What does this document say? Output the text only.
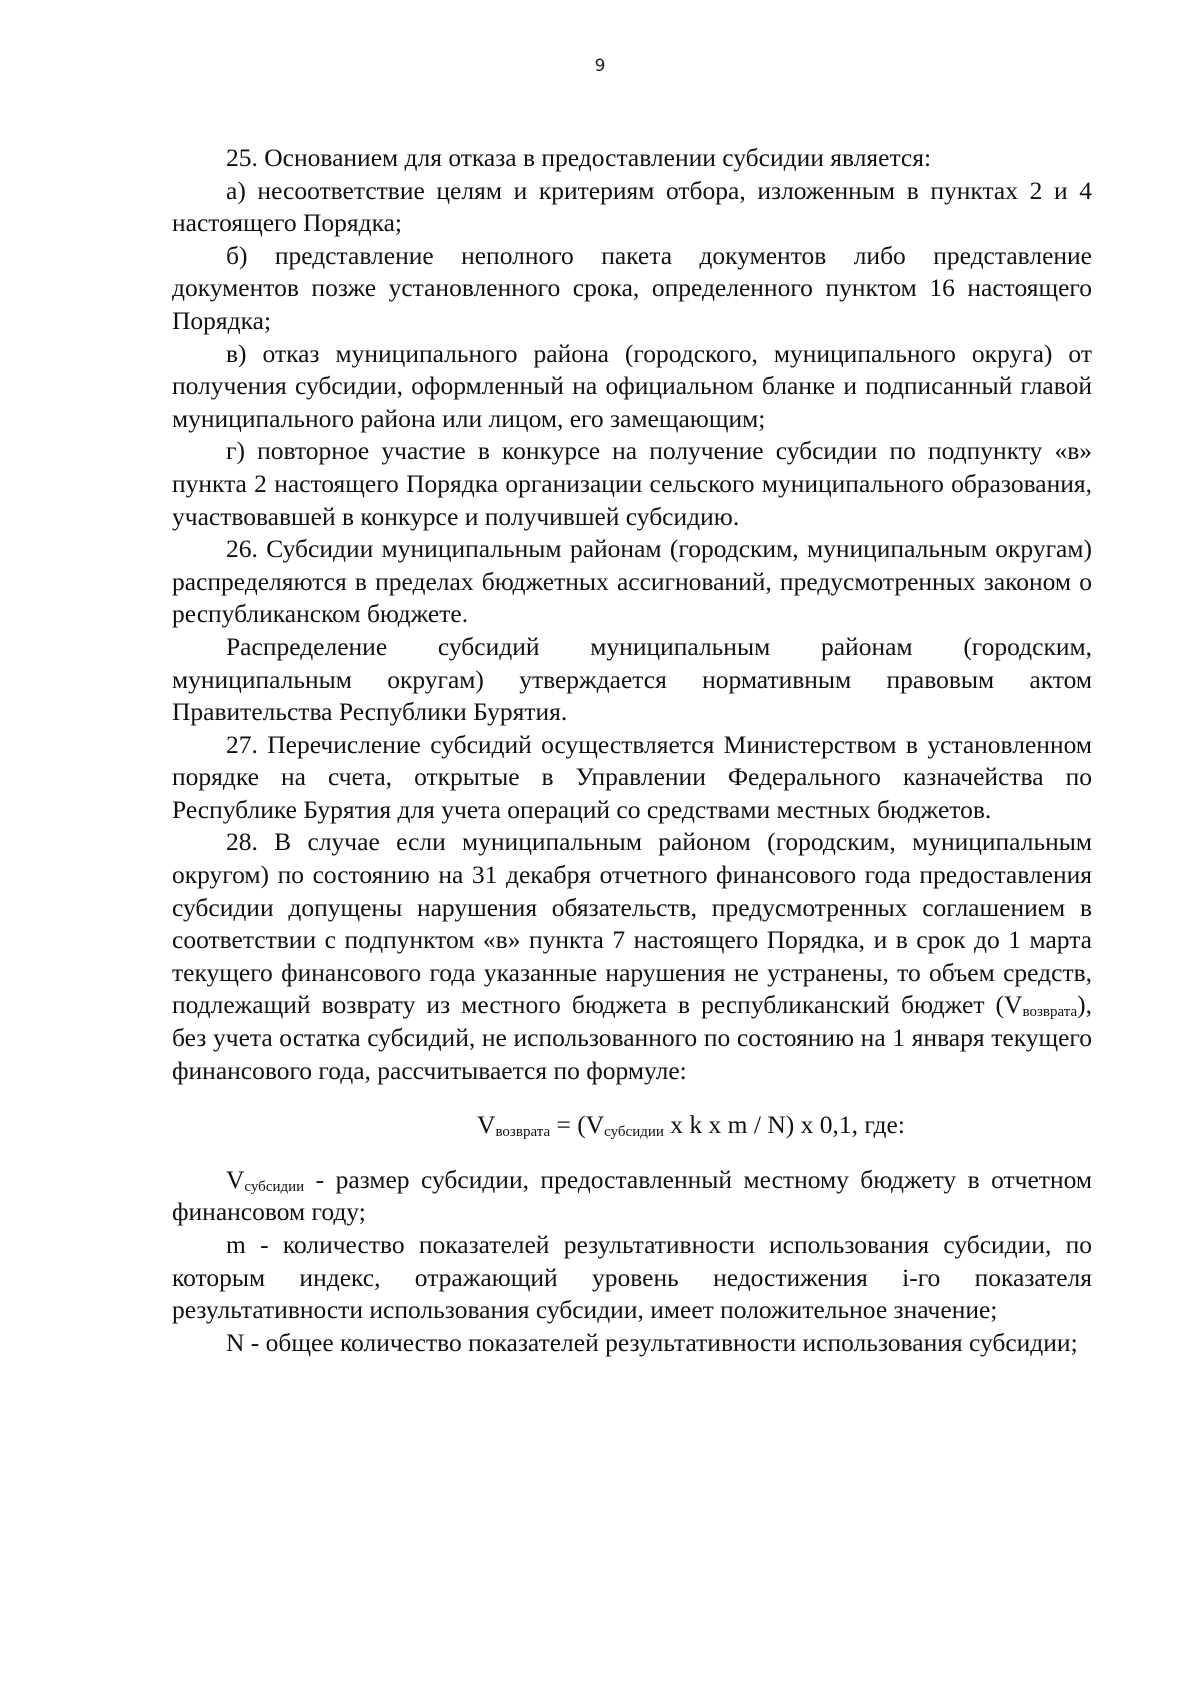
9

25. Основанием для отказа в предоставлении субсидии является:

а) несоответствие целям и критериям отбора, изложенным в пунктах 2 и 4 настоящего Порядка;

б) представление неполного пакета документов либо представление документов позже установленного срока, определенного пунктом 16 настоящего Порядка;

в) отказ муниципального района (городского, муниципального округа) от получения субсидии, оформленный на официальном бланке и подписанный главой муниципального района или лицом, его замещающим;

г) повторное участие в конкурсе на получение субсидии по подпункту «в» пункта 2 настоящего Порядка организации сельского муниципального образования, участвовавшей в конкурсе и получившей субсидию.

26. Субсидии муниципальным районам (городским, муниципальным округам) распределяются в пределах бюджетных ассигнований, предусмотренных законом о республиканском бюджете.

Распределение субсидий муниципальным районам (городским, муниципальным округам) утверждается нормативным правовым актом Правительства Республики Бурятия.

27. Перечисление субсидий осуществляется Министерством в установленном порядке на счета, открытые в Управлении Федерального казначейства по Республике Бурятия для учета операций со средствами местных бюджетов.

28. В случае если муниципальным районом (городским, муниципальным округом) по состоянию на 31 декабря отчетного финансового года предоставления субсидии допущены нарушения обязательств, предусмотренных соглашением в соответствии с подпунктом «в» пункта 7 настоящего Порядка, и в срок до 1 марта текущего финансового года указанные нарушения не устранены, то объем средств, подлежащий возврату из местного бюджета в республиканский бюджет $(V_{возврата})$, без учета остатка субсидий, не использованного по состоянию на 1 января текущего финансового года, рассчитывается по формуле:

$V_{возврата} = (V_{субсидии}$ x k x m / N) x 0,1, где:

$V_{субсидии}$ - размер субсидии, предоставленный местному бюджету в отчетном финансовом году;

m - количество показателей результативности использования субсидии, по которым индекс, отражающий уровень недостижения i-го показателя результативности использования субсидии, имеет положительное значение;

N - общее количество показателей результативности использования субсидии;
